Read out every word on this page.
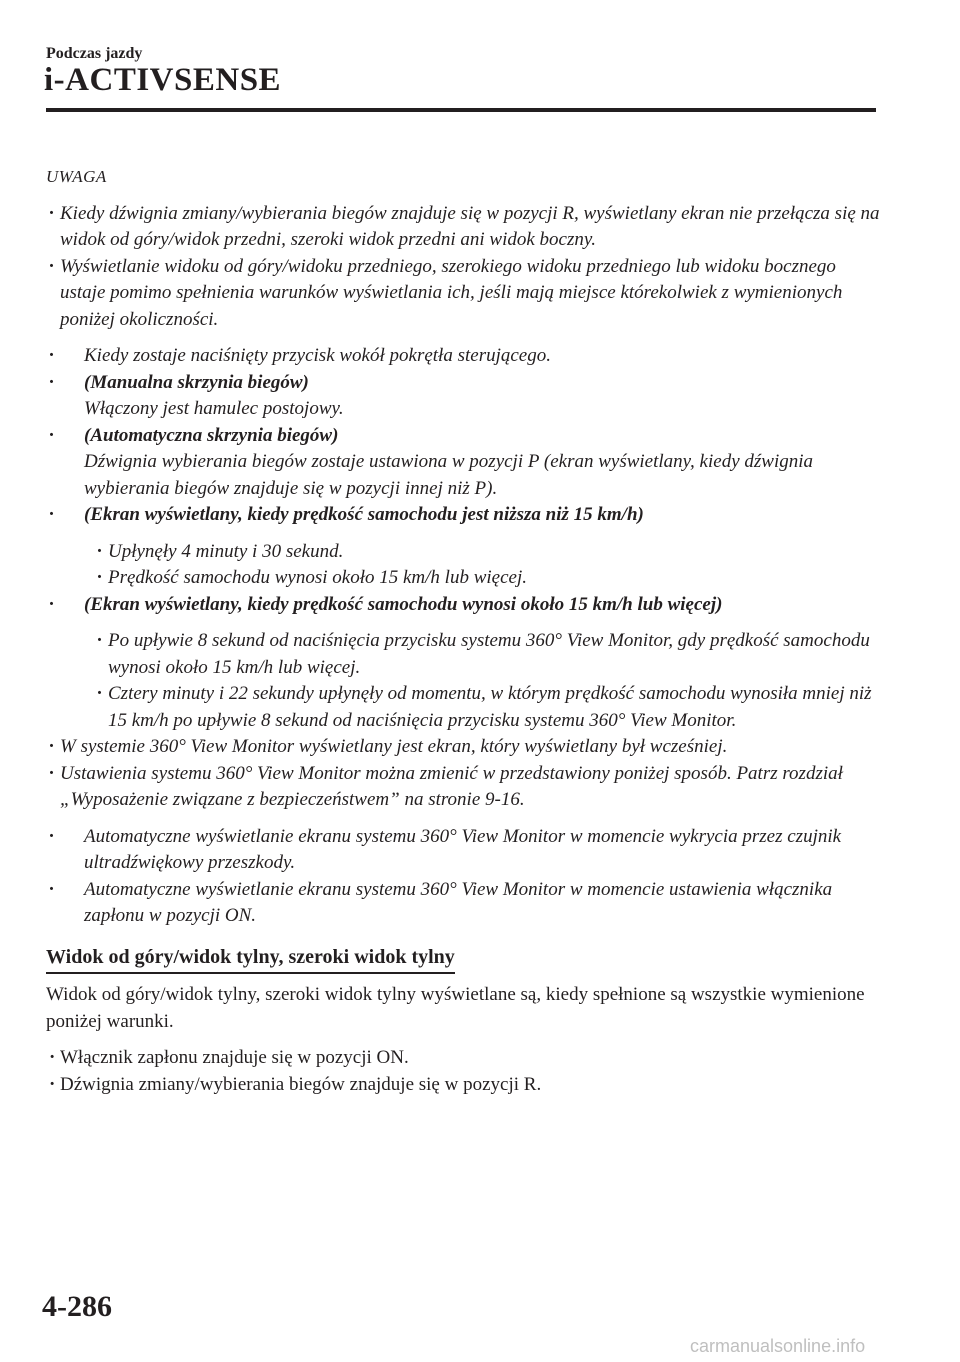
Podczas jazdy
i-ACTIVSENSE
UWAGA
· Kiedy dźwignia zmiany/wybierania biegów znajduje się w pozycji R, wyświetlany ekran nie przełącza się na widok od góry/widok przedni, szeroki widok przedni ani widok boczny.
· Wyświetlanie widoku od góry/widoku przedniego, szerokiego widoku przedniego lub widoku bocznego ustaje pomimo spełnienia warunków wyświetlania ich, jeśli mają miejsce którekolwiek z wymienionych poniżej okoliczności.
· Kiedy zostaje naciśnięty przycisk wokół pokrętła sterującego.
· (Manualna skrzynia biegów)
Włączony jest hamulec postojowy.
· (Automatyczna skrzynia biegów)
Dźwignia wybierania biegów zostaje ustawiona w pozycji P (ekran wyświetlany, kiedy dźwignia wybierania biegów znajduje się w pozycji innej niż P).
· (Ekran wyświetlany, kiedy prędkość samochodu jest niższa niż 15 km/h)
· Upłynęły 4 minuty i 30 sekund.
· Prędkość samochodu wynosi około 15 km/h lub więcej.
· (Ekran wyświetlany, kiedy prędkość samochodu wynosi około 15 km/h lub więcej)
· Po upływie 8 sekund od naciśnięcia przycisku systemu 360° View Monitor, gdy prędkość samochodu wynosi około 15 km/h lub więcej.
· Cztery minuty i 22 sekundy upłynęły od momentu, w którym prędkość samochodu wynosiła mniej niż 15 km/h po upływie 8 sekund od naciśnięcia przycisku systemu 360° View Monitor.
· W systemie 360° View Monitor wyświetlany jest ekran, który wyświetlany był wcześniej.
· Ustawienia systemu 360° View Monitor można zmienić w przedstawiony poniżej sposób. Patrz rozdział „Wyposażenie związane z bezpieczeństwem” na stronie 9-16.
· Automatyczne wyświetlanie ekranu systemu 360° View Monitor w momencie wykrycia przez czujnik ultradźwiękowy przeszkody.
· Automatyczne wyświetlanie ekranu systemu 360° View Monitor w momencie ustawienia włącznika zapłonu w pozycji ON.
Widok od góry/widok tylny, szeroki widok tylny
Widok od góry/widok tylny, szeroki widok tylny wyświetlane są, kiedy spełnione są wszystkie wymienione poniżej warunki.
· Włącznik zapłonu znajduje się w pozycji ON.
· Dźwignia zmiany/wybierania biegów znajduje się w pozycji R.
4-286
carmanualsonline.info
